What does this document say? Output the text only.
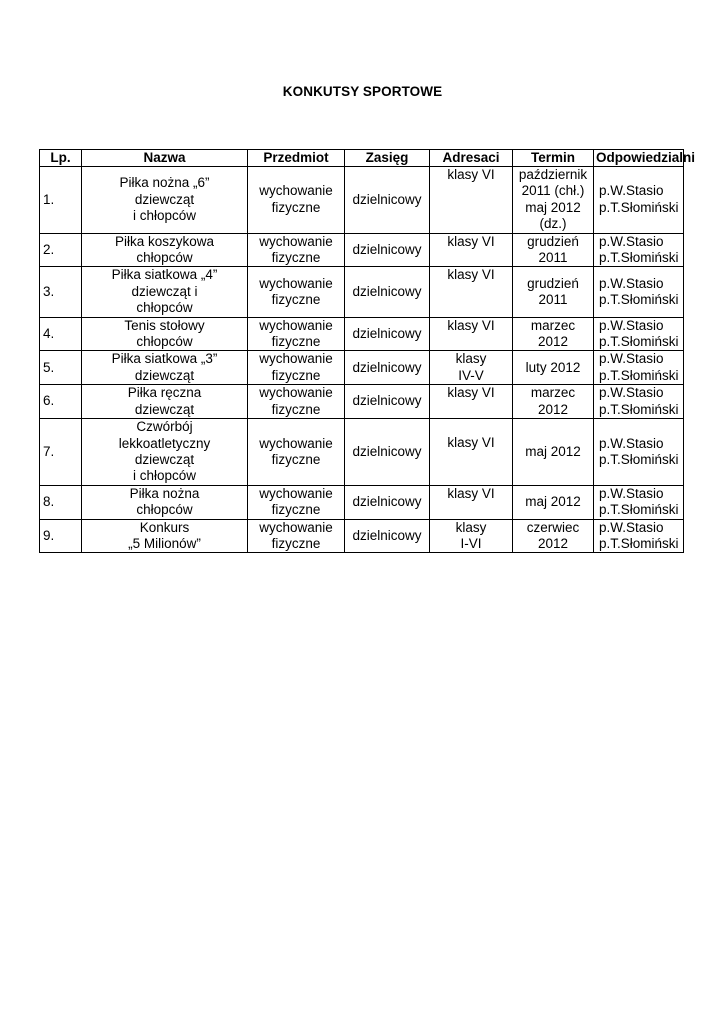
KONKUTSY SPORTOWE
Lp.	Nazwa	Przedmiot	Zasięg	Adresaci	Termin	Odpowiedzialni
1.	Piłka nożna „6”
dziewcząt
i chłopców	wychowanie
fizyczne	dzielnicowy	klasy VI	październik
2011 (chł.)
maj 2012
(dz.)	p.W.Stasio
p.T.Słomiński

2.	Piłka koszykowa
chłopców	wychowanie
fizyczne	dzielnicowy	klasy VI	grudzień
2011	p.W.Stasio
p.T.Słomiński

3.	Piłka siatkowa „4”
dziewcząt i
chłopców	wychowanie
fizyczne	dzielnicowy	klasy VI	grudzień
2011	p.W.Stasio
p.T.Słomiński

4.	Tenis stołowy
chłopców	wychowanie
fizyczne	dzielnicowy	klasy VI	marzec
2012	p.W.Stasio
p.T.Słomiński

5.	Piłka siatkowa „3”
dziewcząt	wychowanie
fizyczne	dzielnicowy	klasy
IV-V	luty 2012	p.W.Stasio
p.T.Słomiński

6.	Piłka ręczna
dziewcząt	wychowanie
fizyczne	dzielnicowy	klasy VI	marzec
2012	p.W.Stasio
p.T.Słomiński

7.	Czwórbój
lekkoatletyczny
dziewcząt
i chłopców	wychowanie
fizyczne	dzielnicowy	klasy VI	maj 2012	p.W.Stasio
p.T.Słomiński

8.	Piłka nożna
chłopców	wychowanie
fizyczne	dzielnicowy	klasy VI	maj 2012	p.W.Stasio
p.T.Słomiński

9.	Konkurs
„5 Milionów”	wychowanie
fizyczne	dzielnicowy	klasy
I-VI	czerwiec
2012	p.W.Stasio
p.T.Słomiński
